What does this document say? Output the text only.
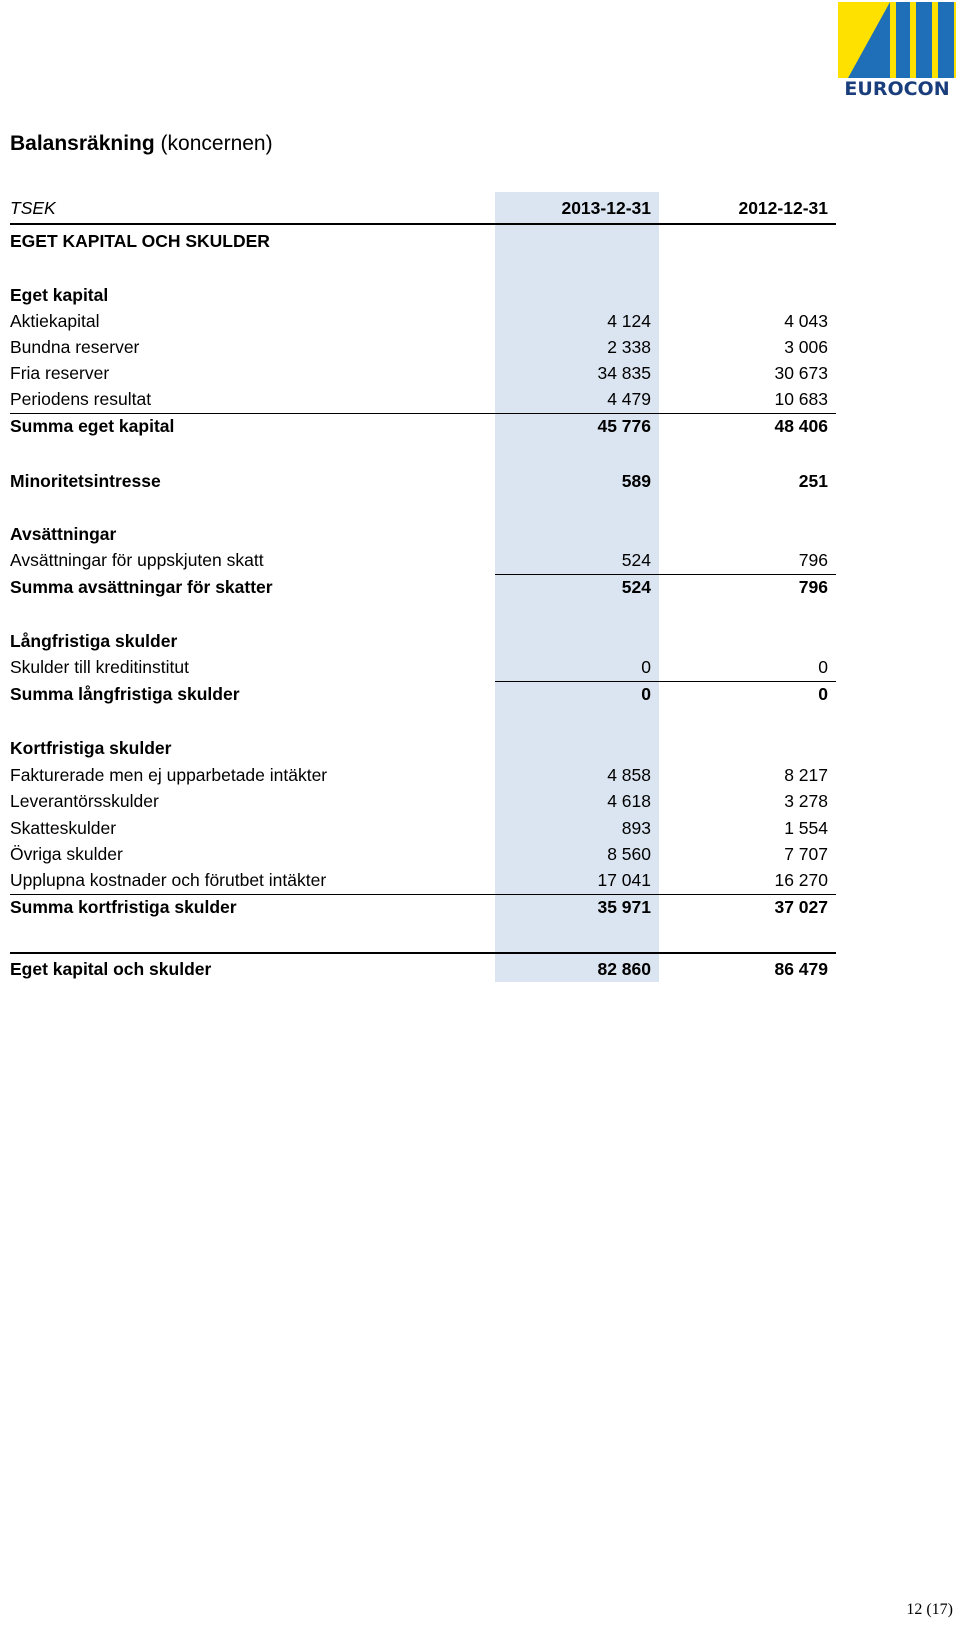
EUROCON
Balansräkning (koncernen)
TSEK	2013-12-31	2012-12-31
EGET KAPITAL OCH SKULDER
Eget kapital
Aktiekapital	4 124	4 043
Bundna reserver	2 338	3 006
Fria reserver	34 835	30 673
Periodens resultat	4 479	10 683
Summa eget kapital	45 776	48 406
Minoritetsintresse	589	251
Avsättningar
Avsättningar för uppskjuten skatt	524	796
Summa avsättningar för skatter	524	796
Långfristiga skulder
Skulder till kreditinstitut	0	0
Summa långfristiga skulder	0	0
Kortfristiga skulder
Fakturerade men ej upparbetade intäkter	4 858	8 217
Leverantörsskulder	4 618	3 278
Skatteskulder	893	1 554
Övriga skulder	8 560	7 707
Upplupna kostnader och förutbet intäkter	17 041	16 270
Summa kortfristiga skulder	35 971	37 027
Eget kapital och skulder	82 860	86 479
12 (17)
